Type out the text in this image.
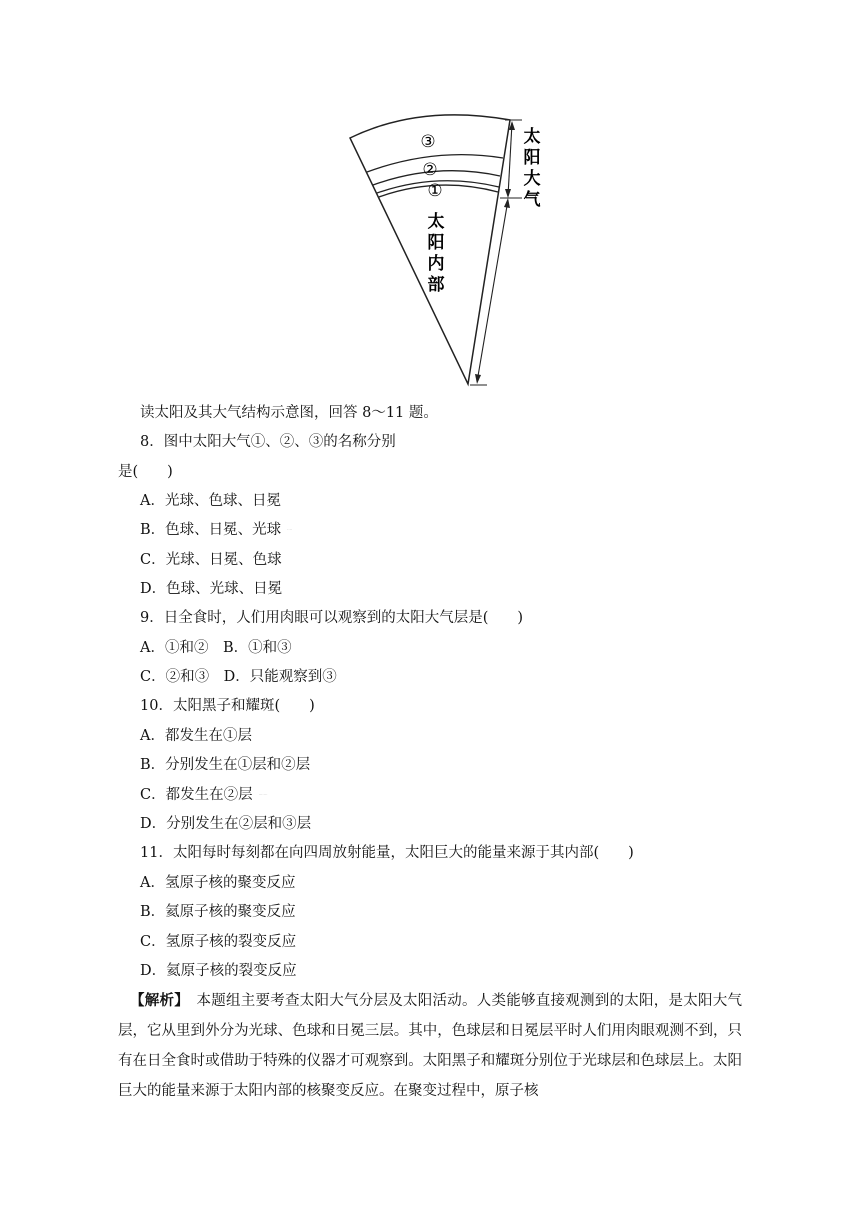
③
②
①
太
阳
内
部
太
阳
大
气
读太阳及其大气结构示意图，回答 8～11 题。
8．图中太阳大气①、②、③的名称分别
是(　　)
A．光球、色球、日冕
B．色球、日冕、光球 ····
C．光球、日冕、色球
D．色球、光球、日冕
9．日全食时，人们用肉眼可以观察到的太阳大气层是(　　)
A．①和②　B．①和③
C．②和③　D．只能观察到③
10．太阳黑子和耀斑(　　)
A．都发生在①层
B．分别发生在①层和②层
C．都发生在②层 ·······
D．分别发生在②层和③层
11．太阳每时每刻都在向四周放射能量，太阳巨大的能量来源于其内部(　　)
A．氢原子核的聚变反应
B．氦原子核的聚变反应
C．氢原子核的裂变反应
D．氦原子核的裂变反应
【解析】　本题组主要考查太阳大气分层及太阳活动。人类能够直接观测到的太阳，是太阳大气层，它从里到外分为光球、色球和日冕三层。其中，色球层和日冕层平时人们用肉眼观测不到，只有在日全食时或借助于特殊的仪器才可观察到。太阳黑子和耀斑分别位于光球层和色球层上。太阳巨大的能量来源于太阳内部的核聚变反应。在聚变过程中，原子核
